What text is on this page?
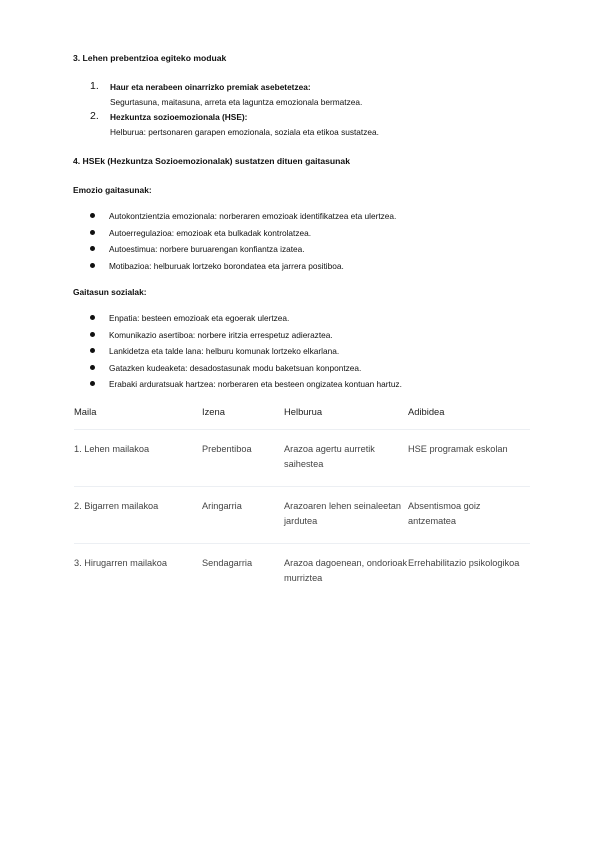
3. Lehen prebentzioa egiteko moduak
1. Haur eta nerabeen oinarrizko premiak asebetetzea:
Segurtasuna, maitasuna, arreta eta laguntza emozionala bermatzea.
2. Hezkuntza sozioemozionala (HSE):
Helburua: pertsonaren garapen emozionala, soziala eta etikoa sustatzea.
4. HSEk (Hezkuntza Sozioemozionalak) sustatzen dituen gaitasunak
Emozio gaitasunak:
Autokontzientzia emozionala: norberaren emozioak identifikatzea eta ulertzea.
Autoerregulazioa: emozioak eta bulkadak kontrolatzea.
Autoestimua: norbere buruarengan konfiantza izatea.
Motibazioa: helburuak lortzeko borondatea eta jarrera positiboa.
Gaitasun sozialak:
Enpatia: besteen emozioak eta egoerak ulertzea.
Komunikazio asertiboa: norbere iritzia errespetuz adieraztea.
Lankidetza eta talde lana: helburu komunak lortzeko elkarlana.
Gatazken kudeaketa: desadostasunak modu baketsuan konpontzea.
Erabaki arduratsuak hartzea: norberaren eta besteen ongizatea kontuan hartuz.
Maila	Izena	Helburua	Adibidea
1. Lehen mailakoa	Prebentiboa	Arazoa agertu aurretik saihestea	HSE programak eskolan
2. Bigarren mailakoa	Aringarria	Arazoaren lehen seinaleetan jardutea	Absentismoa goiz antzematea
3. Hirugarren mailakoa	Sendagarria	Arazoa dagoenean, ondorioak murriztea	Errehabilitazio psikologikoa
